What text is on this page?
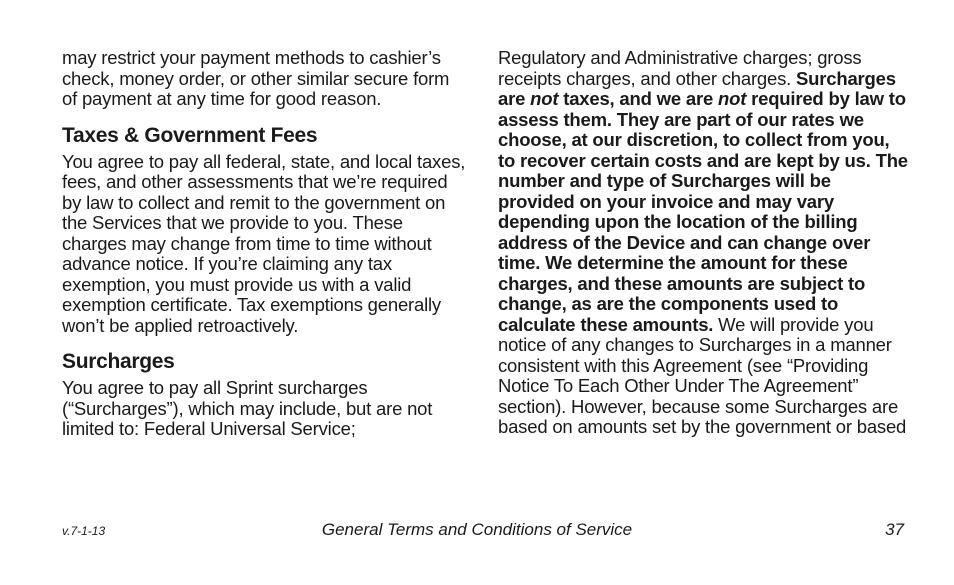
may restrict your payment methods to cashier’s check, money order, or other similar secure form of payment at any time for good reason.

Taxes & Government Fees

You agree to pay all federal, state, and local taxes, fees, and other assessments that we’re required by law to collect and remit to the government on the Services that we provide to you. These charges may change from time to time without advance notice. If you’re claiming any tax exemption, you must provide us with a valid exemption certificate. Tax exemptions generally won’t be applied retroactively.

Surcharges

You agree to pay all Sprint surcharges (“Surcharges”), which may include, but are not limited to: Federal Universal Service;

Regulatory and Administrative charges; gross receipts charges, and other charges. Surcharges are not taxes, and we are not required by law to assess them. They are part of our rates we choose, at our discretion, to collect from you, to recover certain costs and are kept by us. The number and type of Surcharges will be provided on your invoice and may vary depending upon the location of the billing address of the Device and can change over time. We determine the amount for these charges, and these amounts are subject to change, as are the components used to calculate these amounts. We will provide you notice of any changes to Surcharges in a manner consistent with this Agreement (see “Providing Notice To Each Other Under The Agreement” section). However, because some Surcharges are based on amounts set by the government or based

v.7-1-13	General Terms and Conditions of Service	37
